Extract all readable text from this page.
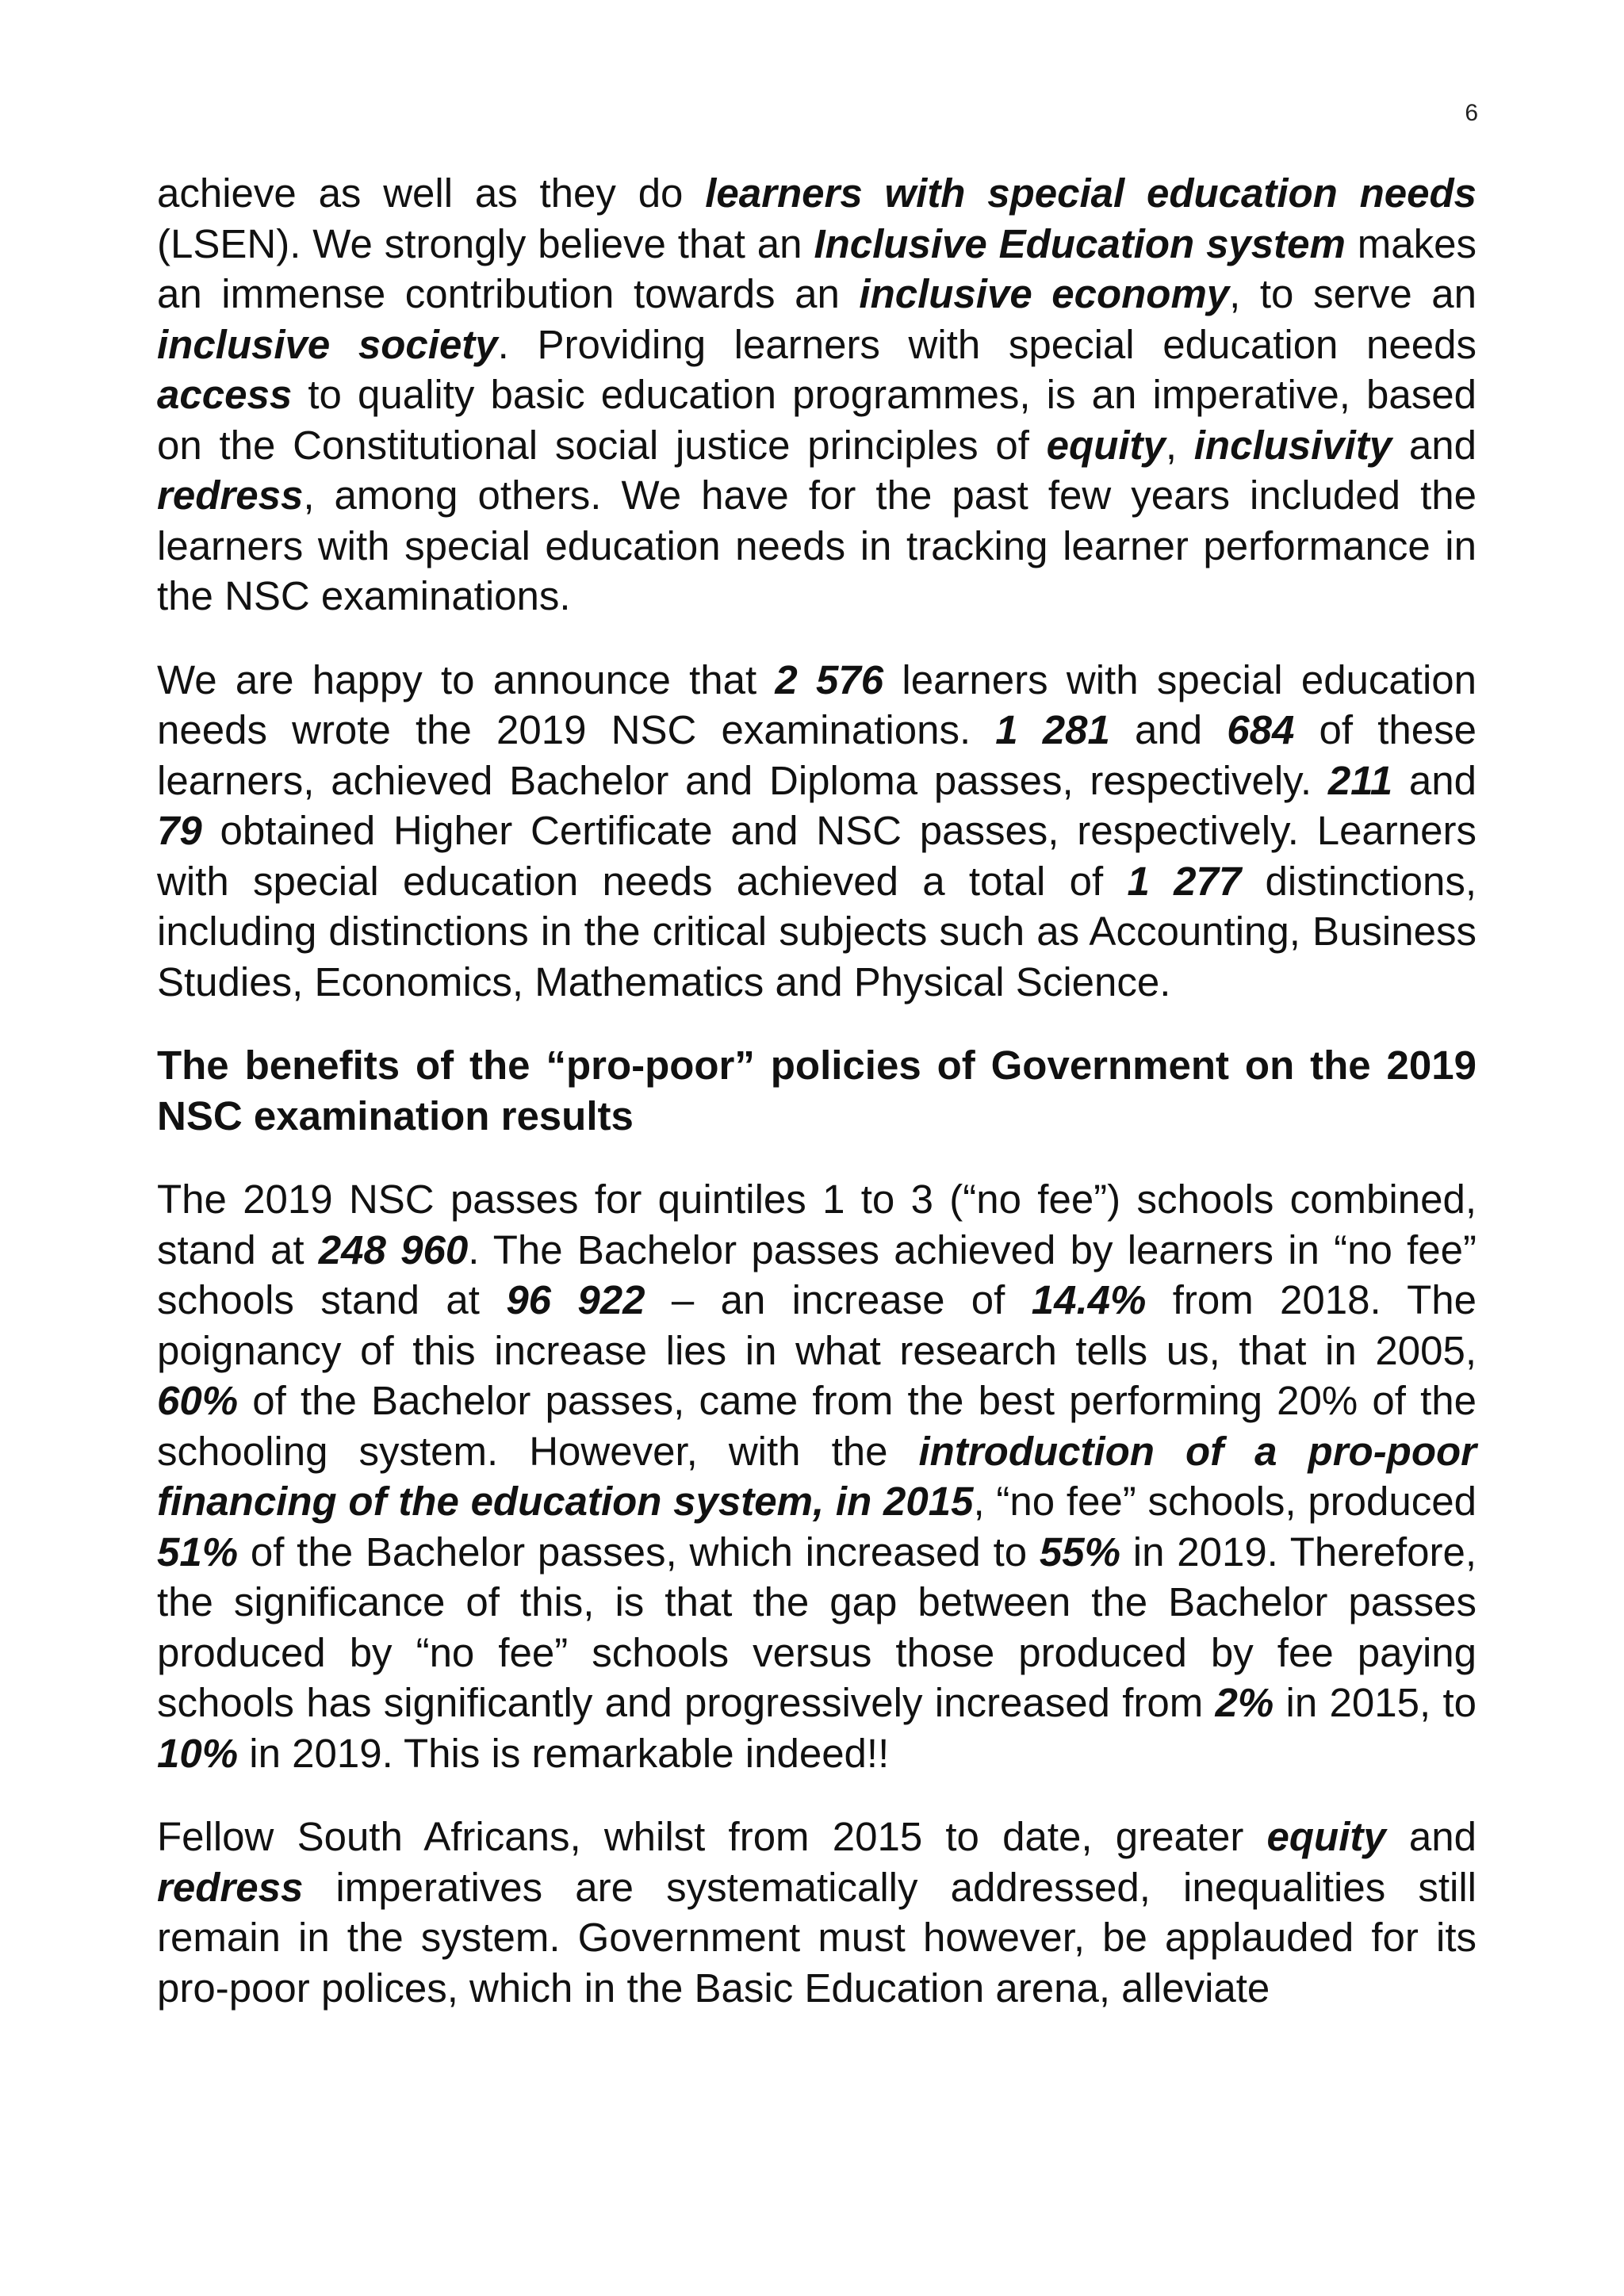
6

achieve as well as they do learners with special education needs (LSEN). We strongly believe that an Inclusive Education system makes an immense contribution towards an inclusive economy, to serve an inclusive society. Providing learners with special education needs access to quality basic education programmes, is an imperative, based on the Constitutional social justice principles of equity, inclusivity and redress, among others. We have for the past few years included the learners with special education needs in tracking learner performance in the NSC examinations.

We are happy to announce that 2 576 learners with special education needs wrote the 2019 NSC examinations. 1 281 and 684 of these learners, achieved Bachelor and Diploma passes, respectively. 211 and 79 obtained Higher Certificate and NSC passes, respectively. Learners with special education needs achieved a total of 1 277 distinctions, including distinctions in the critical subjects such as Accounting, Business Studies, Economics, Mathematics and Physical Science.

The benefits of the “pro-poor” policies of Government on the 2019 NSC examination results

The 2019 NSC passes for quintiles 1 to 3 (“no fee”) schools combined, stand at 248 960. The Bachelor passes achieved by learners in “no fee” schools stand at 96 922 – an increase of 14.4% from 2018. The poignancy of this increase lies in what research tells us, that in 2005, 60% of the Bachelor passes, came from the best performing 20% of the schooling system. However, with the introduction of a pro-poor financing of the education system, in 2015, “no fee” schools, produced 51% of the Bachelor passes, which increased to 55% in 2019. Therefore, the significance of this, is that the gap between the Bachelor passes produced by “no fee” schools versus those produced by fee paying schools has significantly and progressively increased from 2% in 2015, to 10% in 2019. This is remarkable indeed!!

Fellow South Africans, whilst from 2015 to date, greater equity and redress imperatives are systematically addressed, inequalities still remain in the system. Government must however, be applauded for its pro-poor polices, which in the Basic Education arena, alleviate
